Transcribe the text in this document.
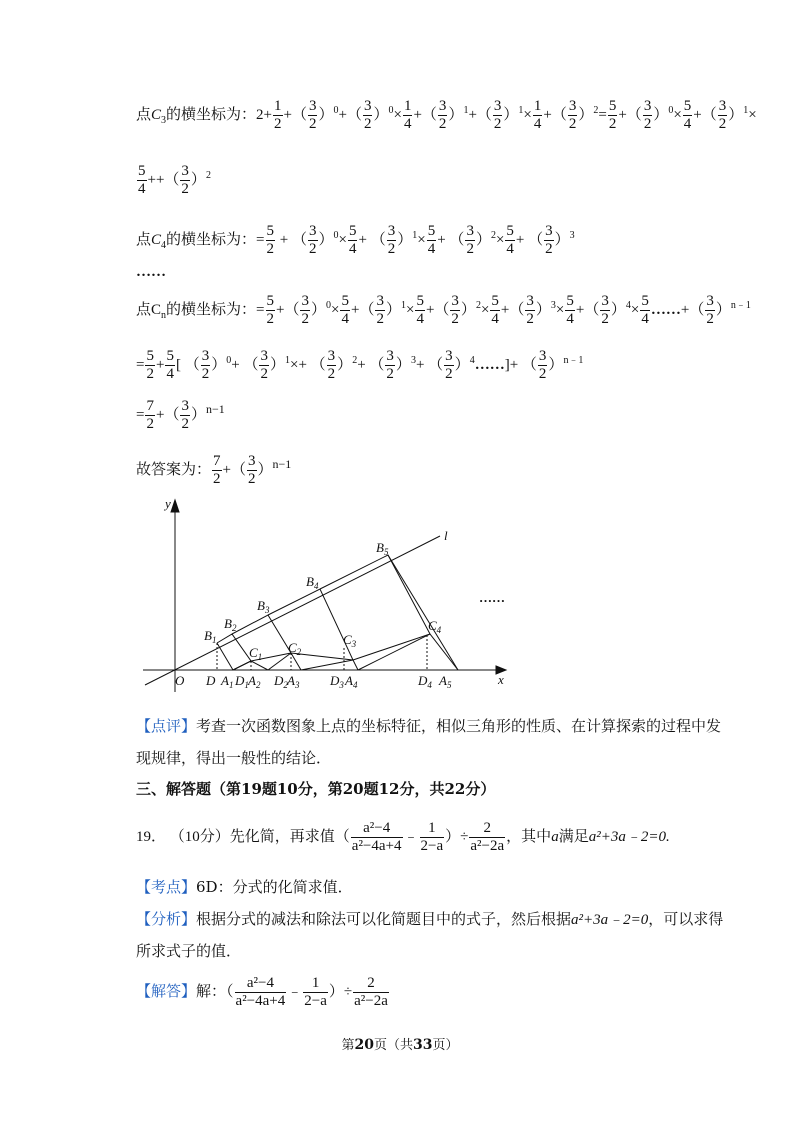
点$C_3$的横坐标为：$2+ \frac{1}{2}$ +（ $\frac{3}{2} )^0+( \frac{3}{2} )^0\times \frac{1}{4}$ +（ $\frac{3}{2} )^1+( \frac{3}{2} )^1\times \frac{1}{4}$ +（ $\frac{3}{2} )^2= \frac{5}{2}$ +（ $\frac{3}{2} )^0\times \frac{5}{4}$ +（ $\frac{3}{2} )^1\times$
$\frac{5}{4}$ ++（ $\frac{3}{2} )^2$
点$C_4$的横坐标为：= $\frac{5}{2}$ + （ $\frac{3}{2} )^0\times \frac{5}{4}$ + （ $\frac{3}{2} )^1\times \frac{5}{4}$ + （ $\frac{3}{2} )^2\times \frac{5}{4}$ + （ $\frac{3}{2} )^3$
……
点$C_n$的横坐标为：= $\frac{5}{2}$ +（ $\frac{3}{2} )^0\times \frac{5}{4}$ +（ $\frac{3}{2} )^1\times \frac{5}{4}$ +（ $\frac{3}{2} )^2\times \frac{5}{4}$ +（ $\frac{3}{2} )^3\times \frac{5}{4}$ +（ $\frac{3}{2} )^4\times \frac{5}{4}$ ……+（ $\frac{3}{2} )^{n﹣1}$
= $\frac{5}{2} + \frac{5}{4}$ [ （ $\frac{3}{2} )^0+$ （ $\frac{3}{2} )^1\times+$ （ $\frac{3}{2} )^2+$ （ $\frac{3}{2} )^3+$ （ $\frac{3}{2}$ ）$^4$……]+ （ $\frac{3}{2} )^{n﹣1}$
= $\frac{7}{2}$ +（ $\frac{3}{2} )^{n-1}$
故答案为： $\frac{7}{2}$ +（ $\frac{3}{2} )^{n-1}$
y
x
O
l
$B_1$
$B_2$
$B_3$
$B_4$
$B_5$
$C_1$
$C_2$
$C_3$
$C_4$
D $A_1$ $D_1$ $A_2$ $D_2$ $A_3$ $D_3$ $A_4$	$D_4$ $A_5$
……
【点评】考查一次函数图象上点的坐标特征，相似三角形的性质、在计算探索的过程中发
现规律，得出一般性的结论．
三、解答题（第19题10分，第20题12分，共22分）
19． （10分）先化简，再求值（ $\frac{\text{a²−4}}{\text{a²−4a+4}}$ ﹣ $\frac{1}{2-a}$ ）÷ $\frac{2}{\text{a²−2a}}$ ，其中a满足a²+3a﹣2=0.
【考点】6D：分式的化简求值．
【分析】根据分式的减法和除法可以化简题目中的式子，然后根据a²+3a﹣2=0，可以求得
所求式子的值．
【解答】解：（ $\frac{\text{a²−4}}{\text{a²−4a+4}}$ ﹣ $\frac{1}{2-a}$ ）÷ $\frac{2}{\text{a²−2a}}$
第20页（共33页）
